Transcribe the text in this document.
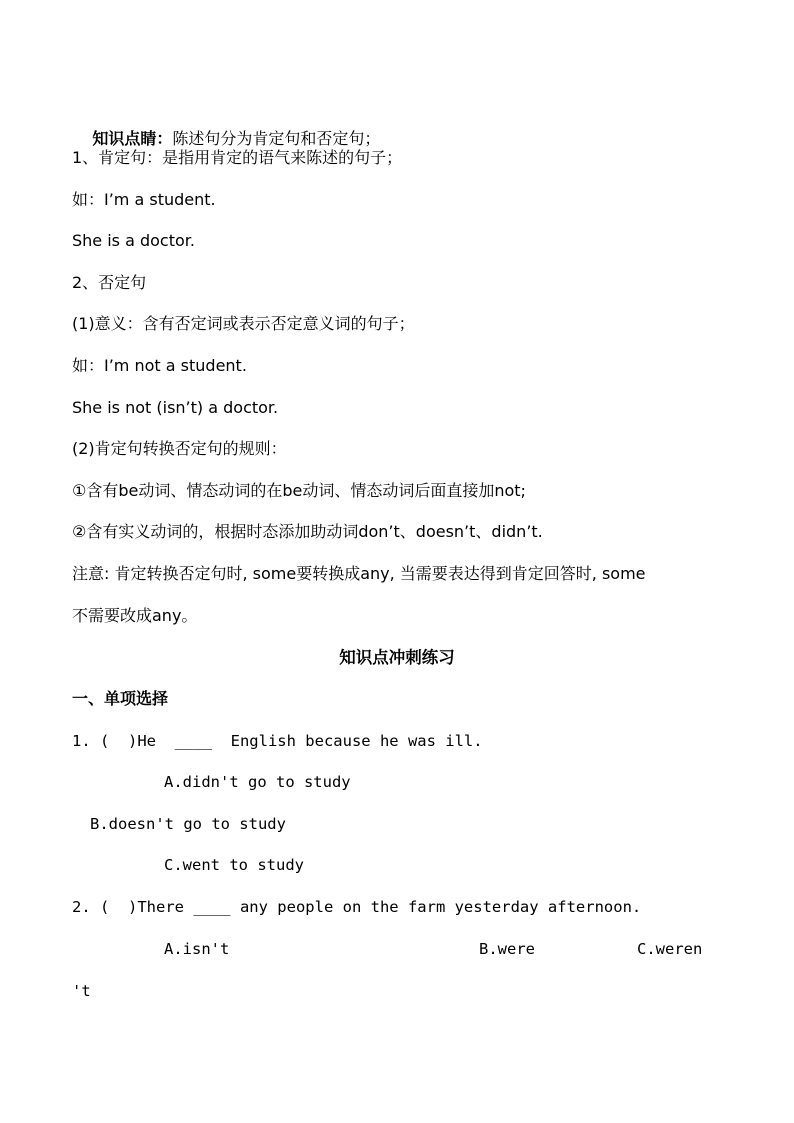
知识点睛：陈述句分为肯定句和否定句；

1、肯定句：是指用肯定的语气来陈述的句子；
如：I’m a student.
She is a doctor.
2、否定句
(1)意义：含有否定词或表示否定意义词的句子；
如：I’m not a student.
She is not (isn’t) a doctor.
(2)肯定句转换否定句的规则：
①含有be动词、情态动词的在be动词、情态动词后面直接加not;
②含有实义动词的，根据时态添加助动词don’t、doesn’t、didn’t.
注意: 肯定转换否定句时, some要转换成any, 当需要表达得到肯定回答时, some
不需要改成any。
知识点冲刺练习
一、单项选择
1. (  )He  ____  English because he was ill.
A.didn't go to study
B.doesn't go to study
C.went to study
2. (  )There ____ any people on the farm yesterday afternoon.
A.isn't	B.were	C.weren
't
